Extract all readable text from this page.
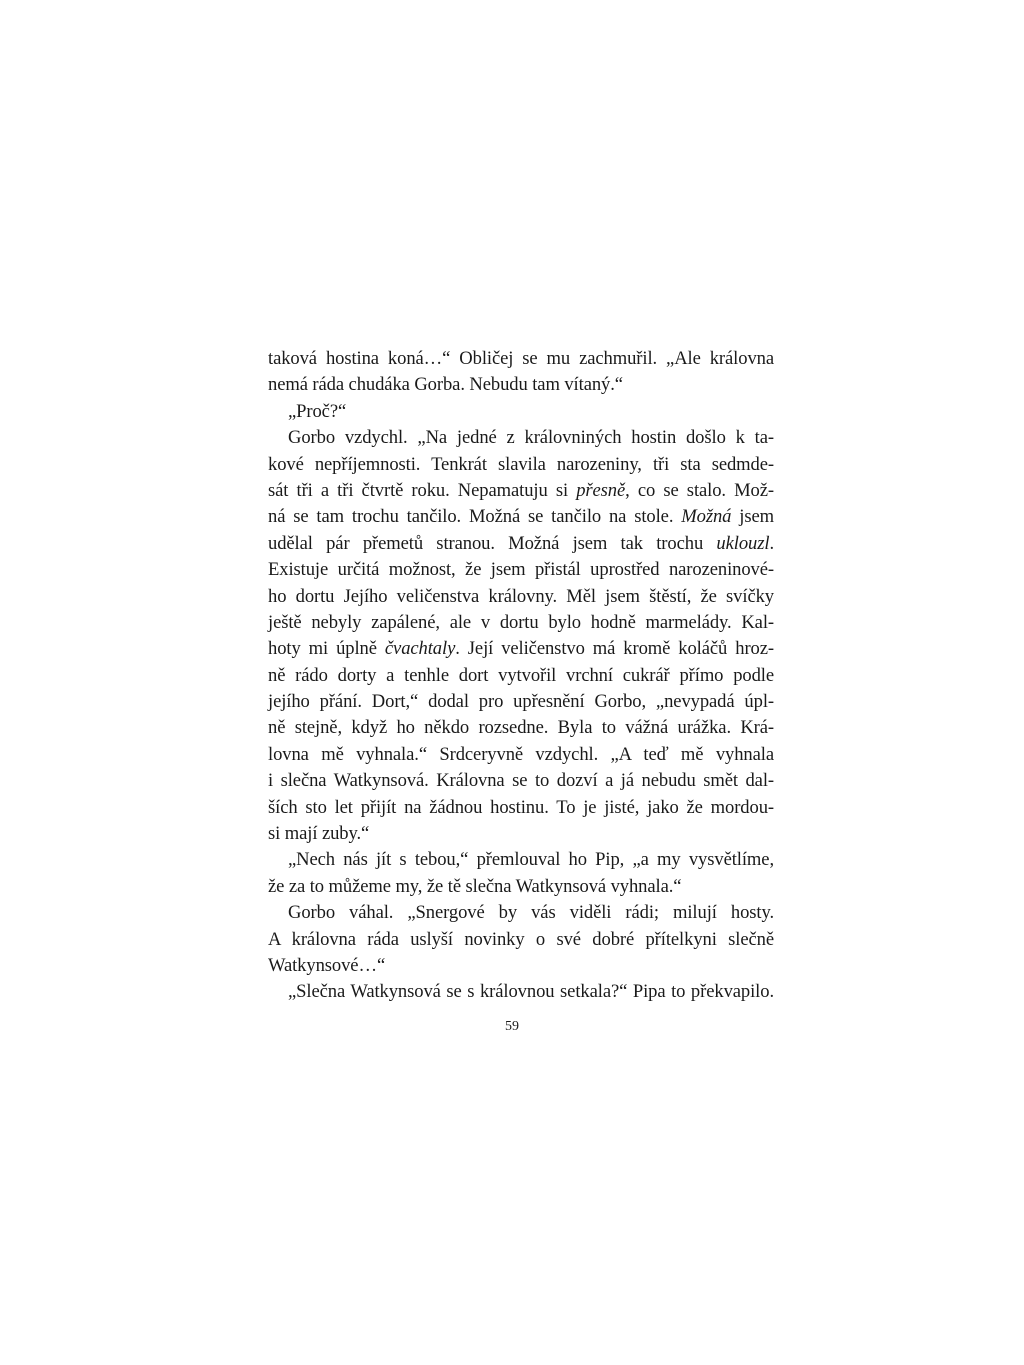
taková hostina koná…“ Obličej se mu zachmuřil. „Ale královna
nemá ráda chudáka Gorba. Nebudu tam vítaný.“
„Proč?“
Gorbo vzdychl. „Na jedné z královniných hostin došlo k ta-
kové nepříjemnosti. Tenkrát slavila narozeniny, tři sta sedmde-
sát tři a tři čtvrtě roku. Nepamatuju si přesně, co se stalo. Mož-
ná se tam trochu tančilo. Možná se tančilo na stole. Možná jsem
udělal pár přemetů stranou. Možná jsem tak trochu uklouzl.
Existuje určitá možnost, že jsem přistál uprostřed narozeninové-
ho dortu Jejího veličenstva královny. Měl jsem štěstí, že svíčky
ještě nebyly zapálené, ale v dortu bylo hodně marmelády. Kal-
hoty mi úplně čvachtaly. Její veličenstvo má kromě koláčů hroz-
ně rádo dorty a tenhle dort vytvořil vrchní cukrář přímo podle
jejího přání. Dort,“ dodal pro upřesnění Gorbo, „nevypadá úpl-
ně stejně, když ho někdo rozsedne. Byla to vážná urážka. Krá-
lovna mě vyhnala.“ Srdceryvně vzdychl. „A teď mě vyhnala
i slečna Watkynsová. Královna se to dozví a já nebudu smět dal-
ších sto let přijít na žádnou hostinu. To je jisté, jako že mordou-
si mají zuby.“
„Nech nás jít s tebou,“ přemlouval ho Pip, „a my vysvětlíme,
že za to můžeme my, že tě slečna Watkynsová vyhnala.“
Gorbo váhal. „Snergové by vás viděli rádi; milují hosty.
A královna ráda uslyší novinky o své dobré přítelkyni slečně
Watkynsové…“
„Slečna Watkynsová se s královnou setkala?“ Pipa to překvapilo.
59
